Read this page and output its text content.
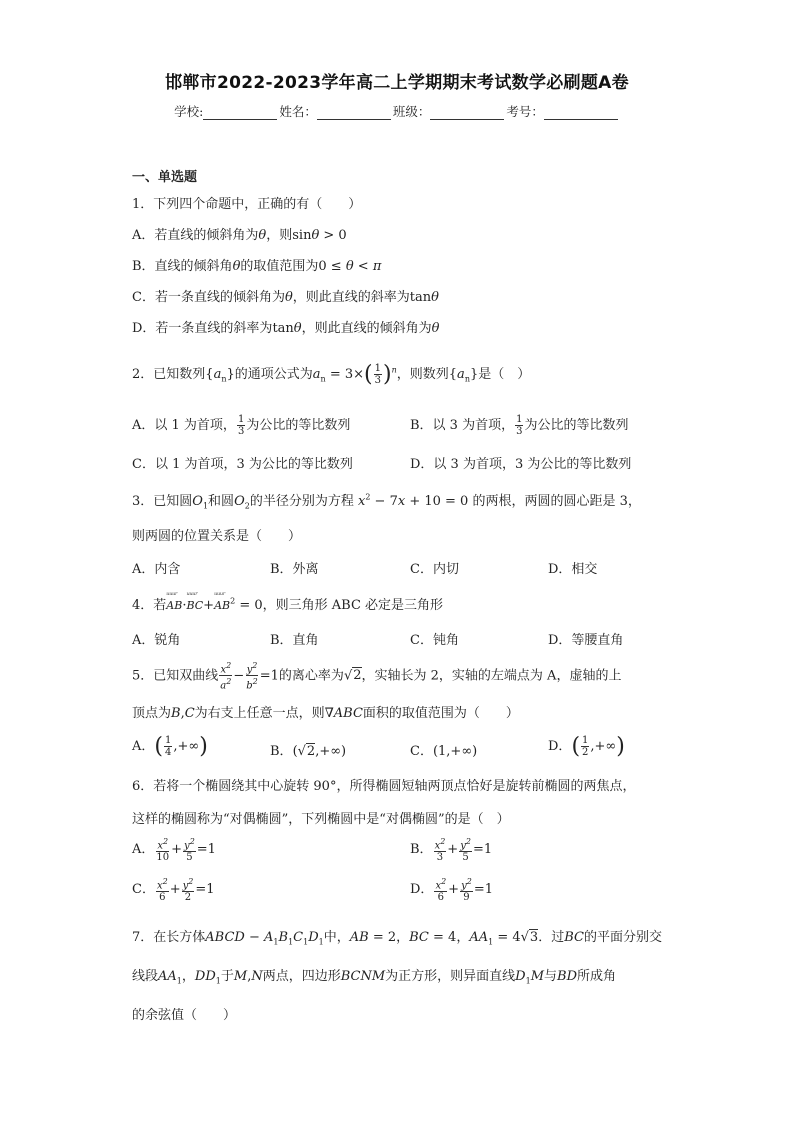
邯郸市2022-2023学年高二上学期期末考试数学必刷题A卷
学校:	姓名：	班级：	考号：
一、单选题
1．下列四个命题中，正确的有（　　）
A．若直线的倾斜角为θ，则sinθ > 0
B．直线的倾斜角θ的取值范围为0 ≤ θ < π
C．若一条直线的倾斜角为θ，则此直线的斜率为tanθ
D．若一条直线的斜率为tanθ，则此直线的倾斜角为θ
2．已知数列$\{a_n\}$的通项公式为$a_n = 3\times( \frac{1}{3} )^n$，则数列$\{a_n\}$是（　）
A．以 1 为首项， $\frac{1}{3}$ 为公比的等比数列	B．以 3 为首项， $\frac{1}{3}$ 为公比的等比数列
C．以 1 为首项，3 为公比的等比数列	D．以 3 为首项，3 为公比的等比数列
3．已知圆$O_1$和圆$O_2$的半径分别为方程 $x^2 - 7x + 10 = 0$ 的两根，两圆的圆心距是 3，
则两圆的位置关系是（　　）
A．内含	B．外离	C．内切	D．相交
4．若uuur AB·uuur BC+uuur $AB^2 = 0$，则三角形 ABC 必定是三角形
A．锐角	B．直角	C．钝角	D．等腰直角
5．已知双曲线 $\frac{x^2}{a^2} - \frac{y^2}{b^2} =1$的离心率为√2，实轴长为 2，实轴的左端点为 A，虚轴的上
顶点为B,C为右支上任意一点，则∇ABC面积的取值范围为（　　）
A．( $\frac{1}{4}$ ,+∞)	B．(√2,+∞)	C．(1,+∞)	D．( $\frac{1}{2}$ ,+∞)
6．若将一个椭圆绕其中心旋转 90°，所得椭圆短轴两顶点恰好是旋转前椭圆的两焦点，
这样的椭圆称为“对偶椭圆”，下列椭圆中是“对偶椭圆”的是（　）
A． $\frac{x^2}{10} + \frac{y^2}{5} =1$	B． $\frac{x^2}{3} + \frac{y^2}{5} =1$
C． $\frac{x^2}{6} + \frac{y^2}{2} =1$	D． $\frac{x^2}{6} + \frac{y^2}{9} =1$
7．在长方体ABCD − $A_1B_1C_1D_1$中，AB = 2，BC = 4，$AA_1 = 4√3$．过BC的平面分别交
线段$AA_1$，$DD_1$于M,N两点，四边形BCNM为正方形，则异面直线$D_1M$与BD所成角
的余弦值（　　）
